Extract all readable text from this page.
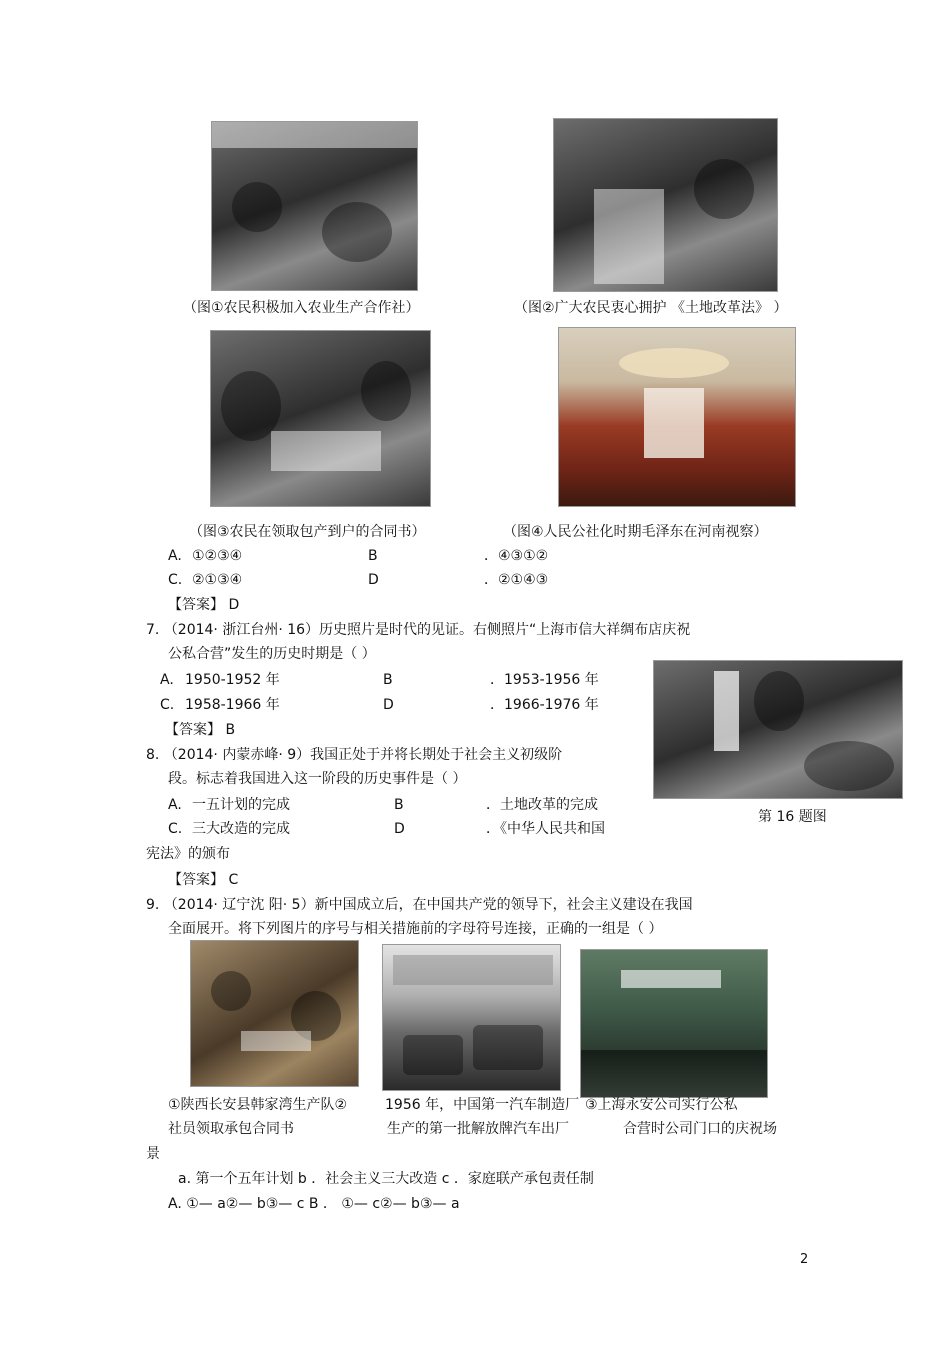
（图①农民积极加入农业生产合作社）	（图②广大农民衷心拥护 《土地改革法》 ）
（图③农民在领取包产到户的合同书）	（图④人民公社化时期毛泽东在河南视察）
A. ①②③④	B	．④③①②
C. ②①③④	D	．②①④③
【答案】 D
7. （2014· 浙江台州· 16）历史照片是时代的见证。右侧照片“上海市信大祥绸布店庆祝
公私合营”发生的历史时期是（ ）
A. 1950-1952 年	B	．1953-1956 年
C. 1958-1966 年	D	．1966-1976 年
【答案】 B
第 16 题图
8. （2014· 内蒙赤峰· 9）我国正处于并将长期处于社会主义初级阶
段。标志着我国进入这一阶段的历史事件是（ ）
A. 一五计划的完成	B	．土地改革的完成
C. 三大改造的完成	D	．《中华人民共和国
宪法》的颁布
【答案】 C
9. （2014· 辽宁沈 阳· 5）新中国成立后，在中国共产党的领导下，社会主义建设在我国
全面展开。将下列图片的序号与相关措施前的字母符号连接，正确的一组是（ ）
①陕西长安县韩家湾生产队②	1956 年，中国第一汽车制造厂 ③上海永安公司实行公私
社员领取承包合同书	生产的第一批解放牌汽车出厂	合营时公司门口的庆祝场
景
a. 第一个五年计划 b ．社会主义三大改造 c ．家庭联产承包责任制
A. ①— a②— b③— c B ． ①— c②— b③— a
2
